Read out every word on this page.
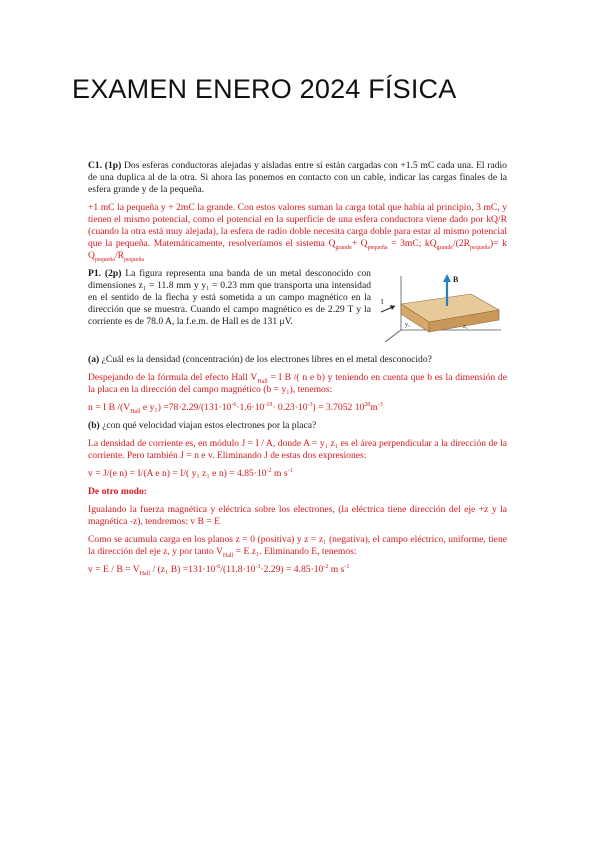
EXAMEN ENERO 2024 FÍSICA

C1. (1p) Dos esferas conductoras alejadas y aisladas entre sí están cargadas con +1.5 mC cada una. El radio de una duplica al de la otra. Si ahora las ponemos en contacto con un cable, indicar las cargas finales de la esfera grande y de la pequeña.

+1 mC la pequeña y + 2mC la grande. Con estos valores suman la carga total que había al principio, 3 mC, y tienen el mismo potencial, como el potencial en la superficie de una esfera conductora viene dado por kQ/R (cuando la otra está muy alejada), la esfera de radio doble necesita carga doble para estar al mismo potencial que la pequeña. Matemáticamente, resolveríamos el sistema $Q_{grande}+ Q_{pequeña} = 3mC$; $kQ_{grande}/(2R_{pequeña})= k$ $Q_{pequeña}/R_{pequeña}$

B
I
y₁	z₁

P1. (2p) La figura representa una banda de un metal desconocido con dimensiones z₁ = 11.8 mm y y₁ = 0.23 mm que transporta una intensidad en el sentido de la flecha y está sometida a un campo magnético en la dirección que se muestra. Cuando el campo magnético es de 2.29 T y la corriente es de 78.0 A, la f.e.m. de Hall es de 131 μV.

(a) ¿Cuál es la densidad (concentración) de los electrones libres en el metal desconocido?

Despejando de la fórmula del efecto Hall $V_{Hall} = I$ B /( n e b) y teniendo en cuenta que b es la dimensión de la placa en la dirección del campo magnético (b = y₁), tenemos:

n = I B $/(V_{Hall}$ e $y_1) =78\cdot 2.29/(131\cdot 10^{-6}\cdot 1.6\cdot 10^{-19}\cdot 0.23\cdot 10^{-3}) = 3.7052$ $10^{28}m^{-3}$

(b) ¿con qué velocidad viajan estos electrones por la placa?

La densidad de corriente es, en módulo J = I / A, donde A = y₁ z₁ es el área perpendicular a la dirección de la corriente. Pero también J = n e v. Eliminando J de estas dos expresiones:

v = J/(e n) = I/(A e n) = I/( y₁ z₁ e $n) = 4.85\cdot 10^{-2}$ m $s^{-1}$

De otro modo:

Igualando la fuerza magnética y eléctrica sobre los electrones, (la eléctrica tiene dirección del eje +z y la magnética -z), tendremos: v B = E

Como se acumula carga en los planos z = 0 (positiva) y z = z₁ (negativa), el campo eléctrico, uniforme, tiene la dirección del eje z, y por tanto $V_{Hall} = E$ z₁. Eliminando E, tenemos:

$v = E / B = V_{Hall} / (z_1$ $B) =131\cdot 10^{-6}/(11.8\cdot 10^{-3}\cdot 2.29) = 4.85\cdot 10^{-2}$ m $s^{-1}$
